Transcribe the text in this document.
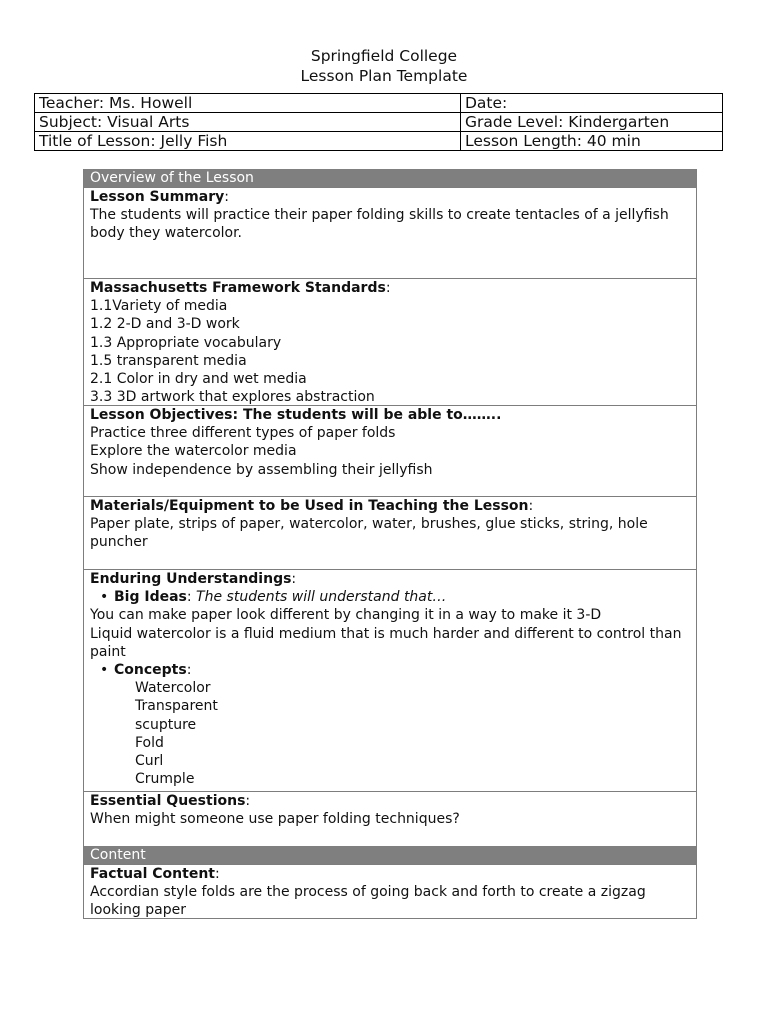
Springfield College
Lesson Plan Template
Teacher: Ms. Howell	Date:
Subject: Visual Arts	Grade Level: Kindergarten
Title of Lesson: Jelly Fish	Lesson Length: 40 min
Overview of the Lesson
Lesson Summary:
The students will practice their paper folding skills to create tentacles of a jellyfish body they watercolor.
Massachusetts Framework Standards:
1.1Variety of media
1.2 2-D and 3-D work
1.3 Appropriate vocabulary
1.5 transparent media
2.1 Color in dry and wet media
3.3 3D artwork that explores abstraction
Lesson Objectives: The students will be able to……..
Practice three different types of paper folds
Explore the watercolor media
Show independence by assembling their jellyfish
Materials/Equipment to be Used in Teaching the Lesson:
Paper plate, strips of paper, watercolor, water, brushes, glue sticks, string, hole puncher
Enduring Understandings:
• Big Ideas: The students will understand that…
You can make paper look different by changing it in a way to make it 3-D
Liquid watercolor is a fluid medium that is much harder and different to control than paint
• Concepts:
Watercolor
Transparent
scupture
Fold
Curl
Crumple
Essential Questions:
When might someone use paper folding techniques?
Content
Factual Content:
Accordian style folds are the process of going back and forth to create a zigzag looking paper
